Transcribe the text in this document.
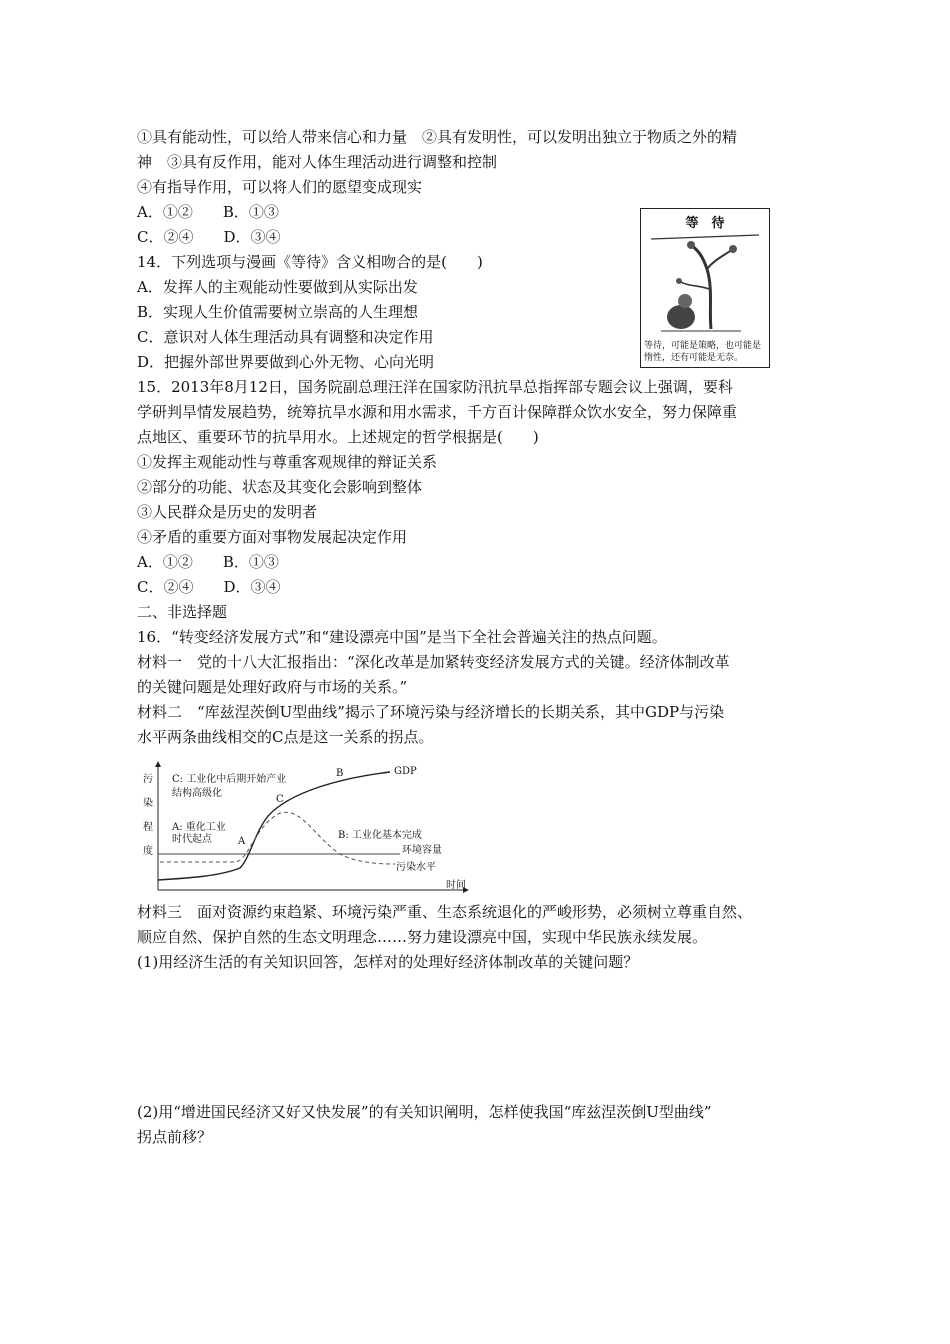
①具有能动性，可以给人带来信心和力量　②具有发明性，可以发明出独立于物质之外的精
神　③具有反作用，能对人体生理活动进行调整和控制
④有指导作用，可以将人们的愿望变成现实
A．①②　　B．①③
C．②④　　D．③④
14．下列选项与漫画《等待》含义相吻合的是(　　)
A．发挥人的主观能动性要做到从实际出发
B．实现人生价值需要树立崇高的人生理想
C．意识对人体生理活动具有调整和决定作用
D．把握外部世界要做到心外无物、心向光明
等　待
等待，可能是策略，也可能是惰性，还有可能是无奈。
15．2013年8月12日，国务院副总理汪洋在国家防汛抗旱总指挥部专题会议上强调，要科
学研判旱情发展趋势，统筹抗旱水源和用水需求，千方百计保障群众饮水安全，努力保障重
点地区、重要环节的抗旱用水。上述规定的哲学根据是(　　)
①发挥主观能动性与尊重客观规律的辩证关系
②部分的功能、状态及其变化会影响到整体
③人民群众是历史的发明者
④矛盾的重要方面对事物发展起决定作用
A．①②　　B．①③
C．②④　　D．③④
二、非选择题
16．“转变经济发展方式”和“建设漂亮中国”是当下全社会普遍关注的热点问题。
材料一　党的十八大汇报指出：“深化改革是加紧转变经济发展方式的关键。经济体制改革
的关键问题是处理好政府与市场的关系。”
材料二　“库兹涅茨倒U型曲线”揭示了环境污染与经济增长的长期关系，其中GDP与污染
水平两条曲线相交的C点是这一关系的拐点。
污
染
程
度
时间
GDP
污染水平
环境容量
C: 工业化中后期开始产业
结构高级化
A: 重化工业
时代起点	B: 工业化基本完成
A
B
C
材料三　面对资源约束趋紧、环境污染严重、生态系统退化的严峻形势，必须树立尊重自然、
顺应自然、保护自然的生态文明理念……努力建设漂亮中国，实现中华民族永续发展。
(1)用经济生活的有关知识回答，怎样对的处理好经济体制改革的关键问题？
(2)用“增进国民经济又好又快发展”的有关知识阐明，怎样使我国“库兹涅茨倒U型曲线”
拐点前移？
